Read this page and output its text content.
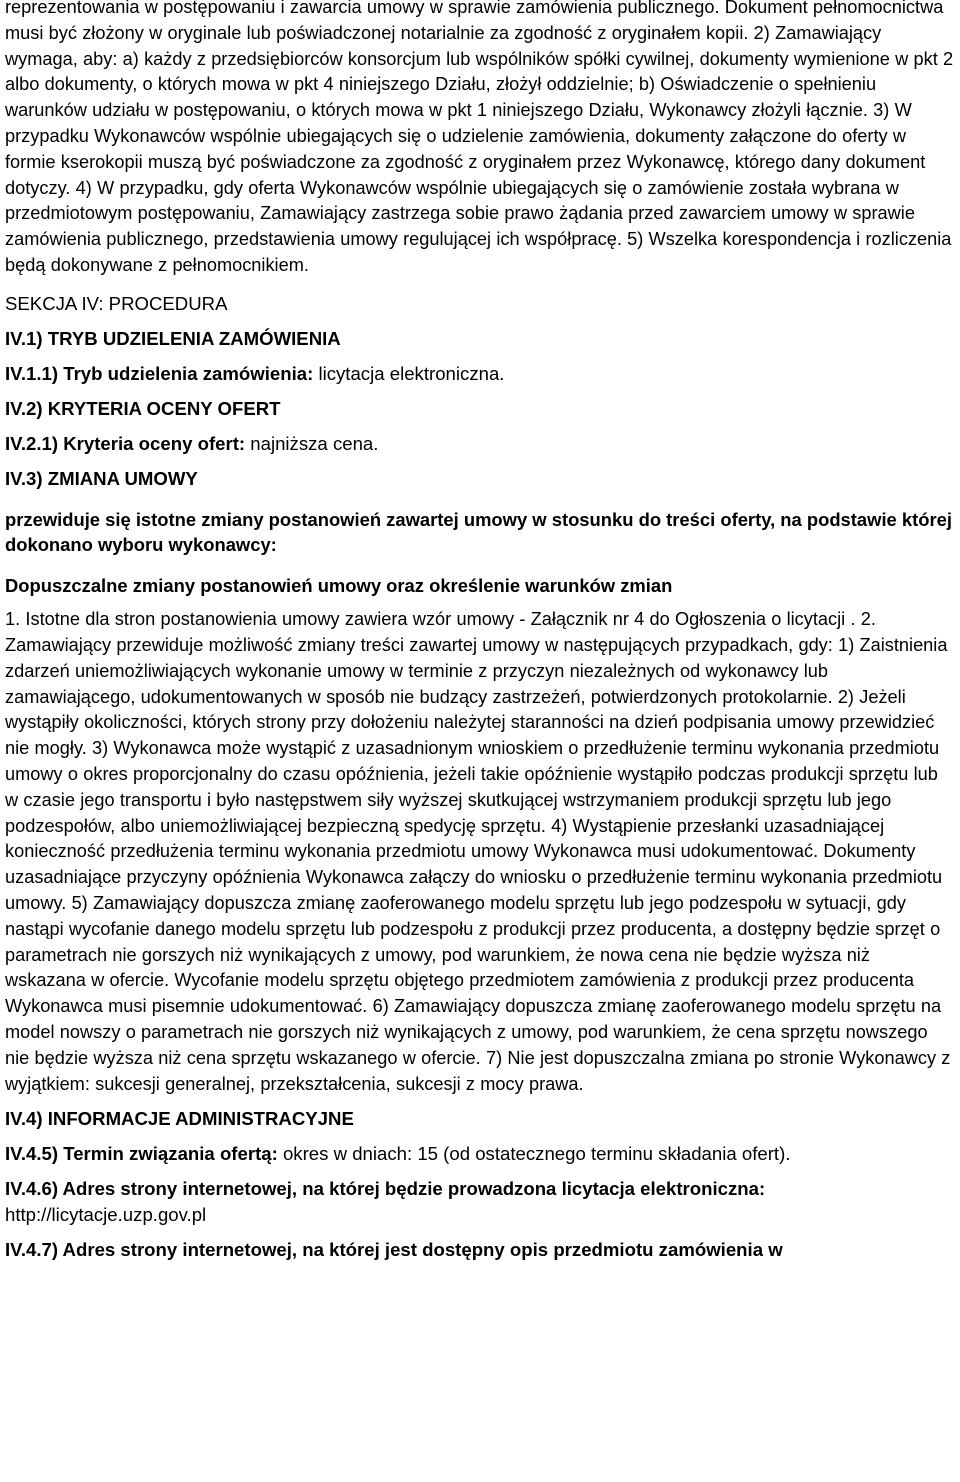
reprezentowania w postępowaniu i zawarcia umowy w sprawie zamówienia publicznego. Dokument pełnomocnictwa musi być złożony w oryginale lub poświadczonej notarialnie za zgodność z oryginałem kopii. 2) Zamawiający wymaga, aby: a) każdy z przedsiębiorców konsorcjum lub wspólników spółki cywilnej, dokumenty wymienione w pkt 2 albo dokumenty, o których mowa w pkt 4 niniejszego Działu, złożył oddzielnie; b) Oświadczenie o spełnieniu warunków udziału w postępowaniu, o których mowa w pkt 1 niniejszego Działu, Wykonawcy złożyli łącznie. 3) W przypadku Wykonawców wspólnie ubiegających się o udzielenie zamówienia, dokumenty załączone do oferty w formie kserokopii muszą być poświadczone za zgodność z oryginałem przez Wykonawcę, którego dany dokument dotyczy. 4) W przypadku, gdy oferta Wykonawców wspólnie ubiegających się o zamówienie została wybrana w przedmiotowym postępowaniu, Zamawiający zastrzega sobie prawo żądania przed zawarciem umowy w sprawie zamówienia publicznego, przedstawienia umowy regulującej ich współpracę. 5) Wszelka korespondencja i rozliczenia będą dokonywane z pełnomocnikiem.

SEKCJA IV: PROCEDURA

IV.1) TRYB UDZIELENIA ZAMÓWIENIA

IV.1.1) Tryb udzielenia zamówienia: licytacja elektroniczna.

IV.2) KRYTERIA OCENY OFERT

IV.2.1) Kryteria oceny ofert: najniższa cena.

IV.3) ZMIANA UMOWY

przewiduje się istotne zmiany postanowień zawartej umowy w stosunku do treści oferty, na podstawie której dokonano wyboru wykonawcy:

Dopuszczalne zmiany postanowień umowy oraz określenie warunków zmian

1. Istotne dla stron postanowienia umowy zawiera wzór umowy - Załącznik nr 4 do Ogłoszenia o licytacji . 2. Zamawiający przewiduje możliwość zmiany treści zawartej umowy w następujących przypadkach, gdy: 1) Zaistnienia zdarzeń uniemożliwiających wykonanie umowy w terminie z przyczyn niezależnych od wykonawcy lub zamawiającego, udokumentowanych w sposób nie budzący zastrzeżeń, potwierdzonych protokolarnie. 2) Jeżeli wystąpiły okoliczności, których strony przy dołożeniu należytej staranności na dzień podpisania umowy przewidzieć nie mogły. 3) Wykonawca może wystąpić z uzasadnionym wnioskiem o przedłużenie terminu wykonania przedmiotu umowy o okres proporcjonalny do czasu opóźnienia, jeżeli takie opóźnienie wystąpiło podczas produkcji sprzętu lub w czasie jego transportu i było następstwem siły wyższej skutkującej wstrzymaniem produkcji sprzętu lub jego podzespołów, albo uniemożliwiającej bezpieczną spedycję sprzętu. 4) Wystąpienie przesłanki uzasadniającej konieczność przedłużenia terminu wykonania przedmiotu umowy Wykonawca musi udokumentować. Dokumenty uzasadniające przyczyny opóźnienia Wykonawca załączy do wniosku o przedłużenie terminu wykonania przedmiotu umowy. 5) Zamawiający dopuszcza zmianę zaoferowanego modelu sprzętu lub jego podzespołu w sytuacji, gdy nastąpi wycofanie danego modelu sprzętu lub podzespołu z produkcji przez producenta, a dostępny będzie sprzęt o parametrach nie gorszych niż wynikających z umowy, pod warunkiem, że nowa cena nie będzie wyższa niż wskazana w ofercie. Wycofanie modelu sprzętu objętego przedmiotem zamówienia z produkcji przez producenta Wykonawca musi pisemnie udokumentować. 6) Zamawiający dopuszcza zmianę zaoferowanego modelu sprzętu na model nowszy o parametrach nie gorszych niż wynikających z umowy, pod warunkiem, że cena sprzętu nowszego nie będzie wyższa niż cena sprzętu wskazanego w ofercie. 7) Nie jest dopuszczalna zmiana po stronie Wykonawcy z wyjątkiem: sukcesji generalnej, przekształcenia, sukcesji z mocy prawa.

IV.4) INFORMACJE ADMINISTRACYJNE

IV.4.5) Termin związania ofertą: okres w dniach: 15 (od ostatecznego terminu składania ofert).

IV.4.6) Adres strony internetowej, na której będzie prowadzona licytacja elektroniczna:

http://licytacje.uzp.gov.pl

IV.4.7) Adres strony internetowej, na której jest dostępny opis przedmiotu zamówienia w
